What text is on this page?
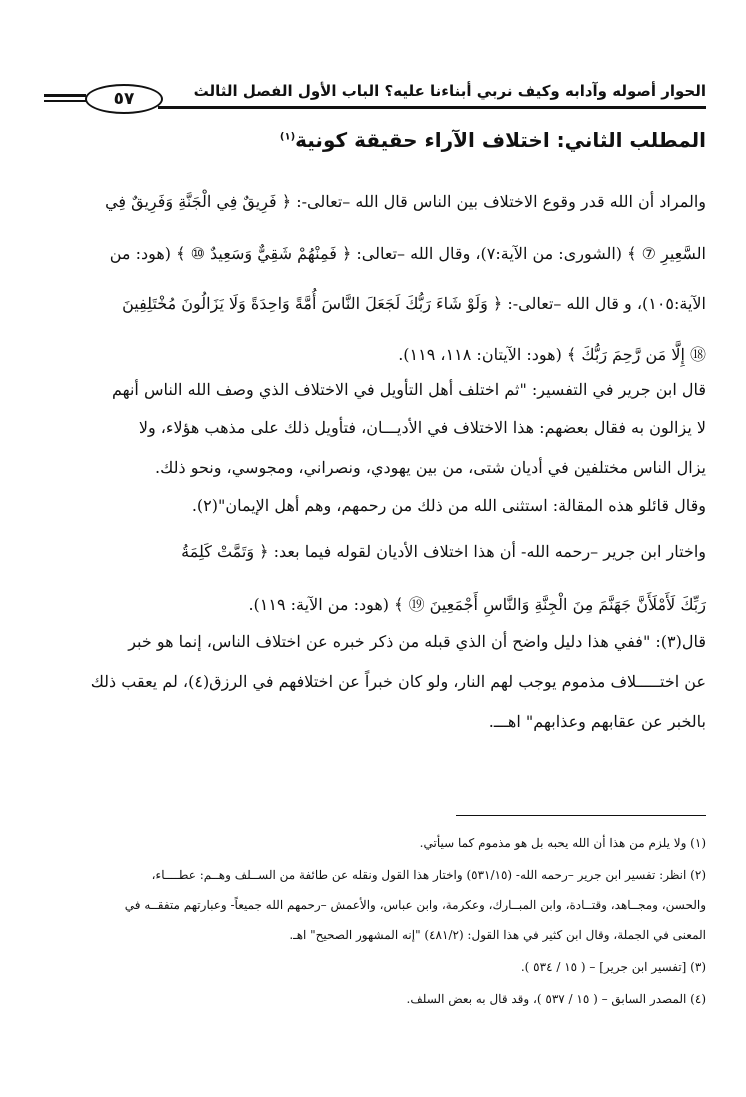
الحوار أصوله وآدابه وكيف نربي أبناءنا عليه؟ الباب الأول الفصل الثالث
٥٧
المطلب الثاني: اختلاف الآراء حقيقة كونية$^{(١)}$
والمراد أن الله قدر وقوع الاختلاف بين الناس قال الله –تعالى-: ﴿ فَرِيقٌ فِي الْجَنَّةِ وَفَرِيقٌ فِي
السَّعِيرِ ⑦ ﴾ (الشورى: من الآية:٧)، وقال الله –تعالى: ﴿ فَمِنْهُمْ شَقِيٌّ وَسَعِيدٌ ⑩ ﴾ (هود: من
الآية:١٠٥)، و قال الله –تعالى-: ﴿ وَلَوْ شَاءَ رَبُّكَ لَجَعَلَ النَّاسَ أُمَّةً وَاحِدَةً وَلَا يَزَالُونَ مُخْتَلِفِينَ
⑱ إِلَّا مَن رَّحِمَ رَبُّكَ ﴾ (هود: الآيتان: ١١٨، ١١٩).
قال ابن جرير في التفسير: "ثم اختلف أهل التأويل في الاختلاف الذي وصف الله الناس أنهم
لا يزالون به فقال بعضهم: هذا الاختلاف في الأديـــان، فتأويل ذلك على مذهب هؤلاء، ولا
يزال الناس مختلفين في أديان شتى، من بين يهودي، ونصراني، ومجوسي، ونحو ذلك.
وقال قائلو هذه المقالة: استثنى الله من ذلك من رحمهم، وهم أهل الإيمان"(٢).
واختار ابن جرير –رحمه الله- أن هذا اختلاف الأديان لقوله فيما بعد: ﴿ وَتَمَّتْ كَلِمَةُ
رَبِّكَ لَأَمْلَأَنَّ جَهَنَّمَ مِنَ الْجِنَّةِ وَالنَّاسِ أَجْمَعِينَ ⑲ ﴾ (هود: من الآية: ١١٩).
قال(٣): "ففي هذا دليل واضح أن الذي قبله من ذكر خبره عن اختلاف الناس، إنما هو خبر
عن اختـــــلاف مذموم يوجب لهم النار، ولو كان خبراً عن اختلافهم في الرزق(٤)، لم يعقب ذلك
بالخبر عن عقابهم وعذابهم" اهـــ.
(١) ولا يلزم من هذا أن الله يحبه بل هو مذموم كما سيأتي.
(٢) انظر: تفسير ابن جرير –رحمه الله- (٥٣١/١٥) واختار هذا القول ونقله عن طائفة من الســلف وهــم: عطــــاء،
والحسن، ومجــاهد، وقتــادة، وابن المبــارك، وعكرمة، وابن عباس، والأعمش –رحمهم الله جميعاً- وعبارتهم متفقــه في
المعنى في الجملة، وقال ابن كثير في هذا القول: (٤٨١/٢) "إنه المشهور الصحيح" اهـ.
(٣) [تفسير ابن جرير] – ( ١٥ / ٥٣٤ ).
(٤) المصدر السابق – ( ١٥ / ٥٣٧ )، وقد قال به بعض السلف.
